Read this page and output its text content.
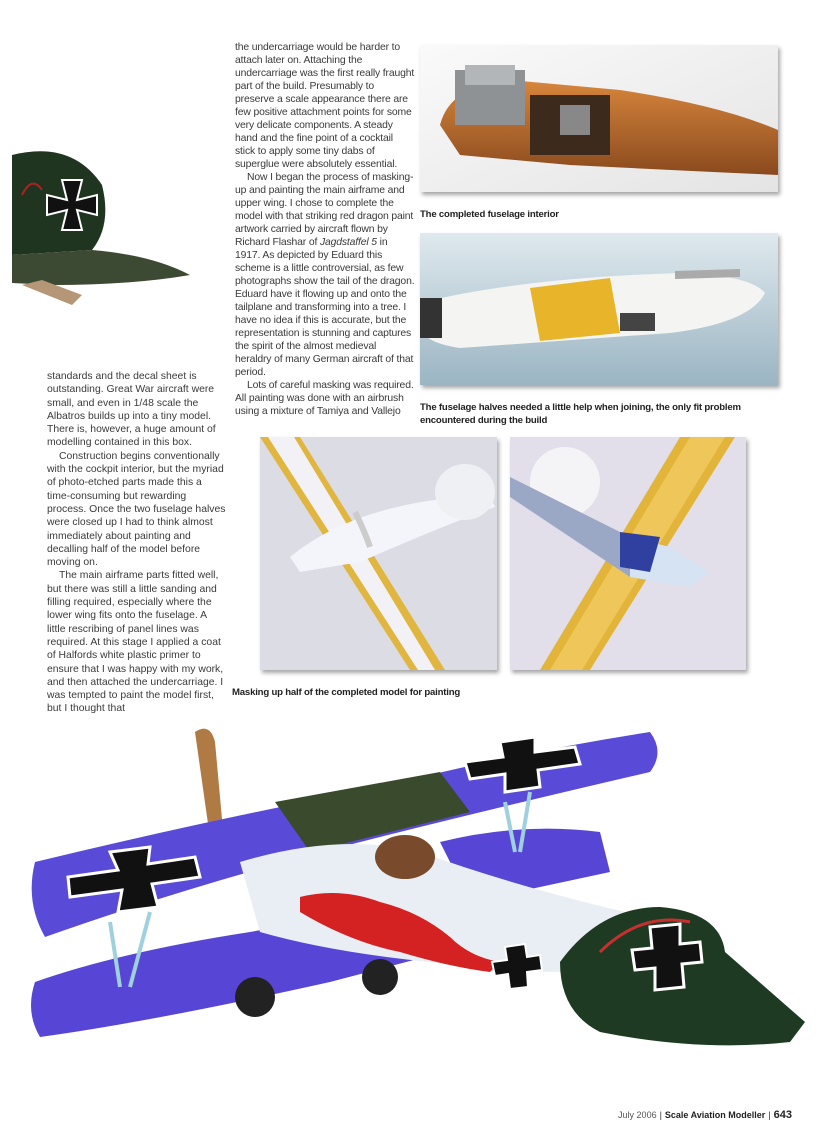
standards and the decal sheet is outstanding. Great War aircraft were small, and even in 1/48 scale the Albatros builds up into a tiny model. There is, however, a huge amount of modelling contained in this box.

Construction begins conventionally with the cockpit interior, but the myriad of photo-etched parts made this a time-consuming but rewarding process. Once the two fuselage halves were closed up I had to think almost immediately about painting and decalling half of the model before moving on.

The main airframe parts fitted well, but there was still a little sanding and filling required, especially where the lower wing fits onto the fuselage. A little rescribing of panel lines was required. At this stage I applied a coat of Halfords white plastic primer to ensure that I was happy with my work, and then attached the undercarriage. I was tempted to paint the model first, but I thought that

the undercarriage would be harder to attach later on. Attaching the undercarriage was the first really fraught part of the build. Presumably to preserve a scale appearance there are few positive attachment points for some very delicate components. A steady hand and the fine point of a cocktail stick to apply some tiny dabs of superglue were absolutely essential.

Now I began the process of masking-up and painting the main airframe and upper wing. I chose to complete the model with that striking red dragon paint artwork carried by aircraft flown by Richard Flashar of Jagdstaffel 5 in 1917. As depicted by Eduard this scheme is a little controversial, as few photographs show the tail of the dragon. Eduard have it flowing up and onto the tailplane and transforming into a tree. I have no idea if this is accurate, but the representation is stunning and captures the spirit of the almost medieval heraldry of many German aircraft of that period.

Lots of careful masking was required. All painting was done with an airbrush using a mixture of Tamiya and Vallejo

The completed fuselage interior
The fuselage halves needed a little help when joining, the only fit problem encountered during the build
Masking up half of the completed model for painting
July 2006 | Scale Aviation Modeller | 643
